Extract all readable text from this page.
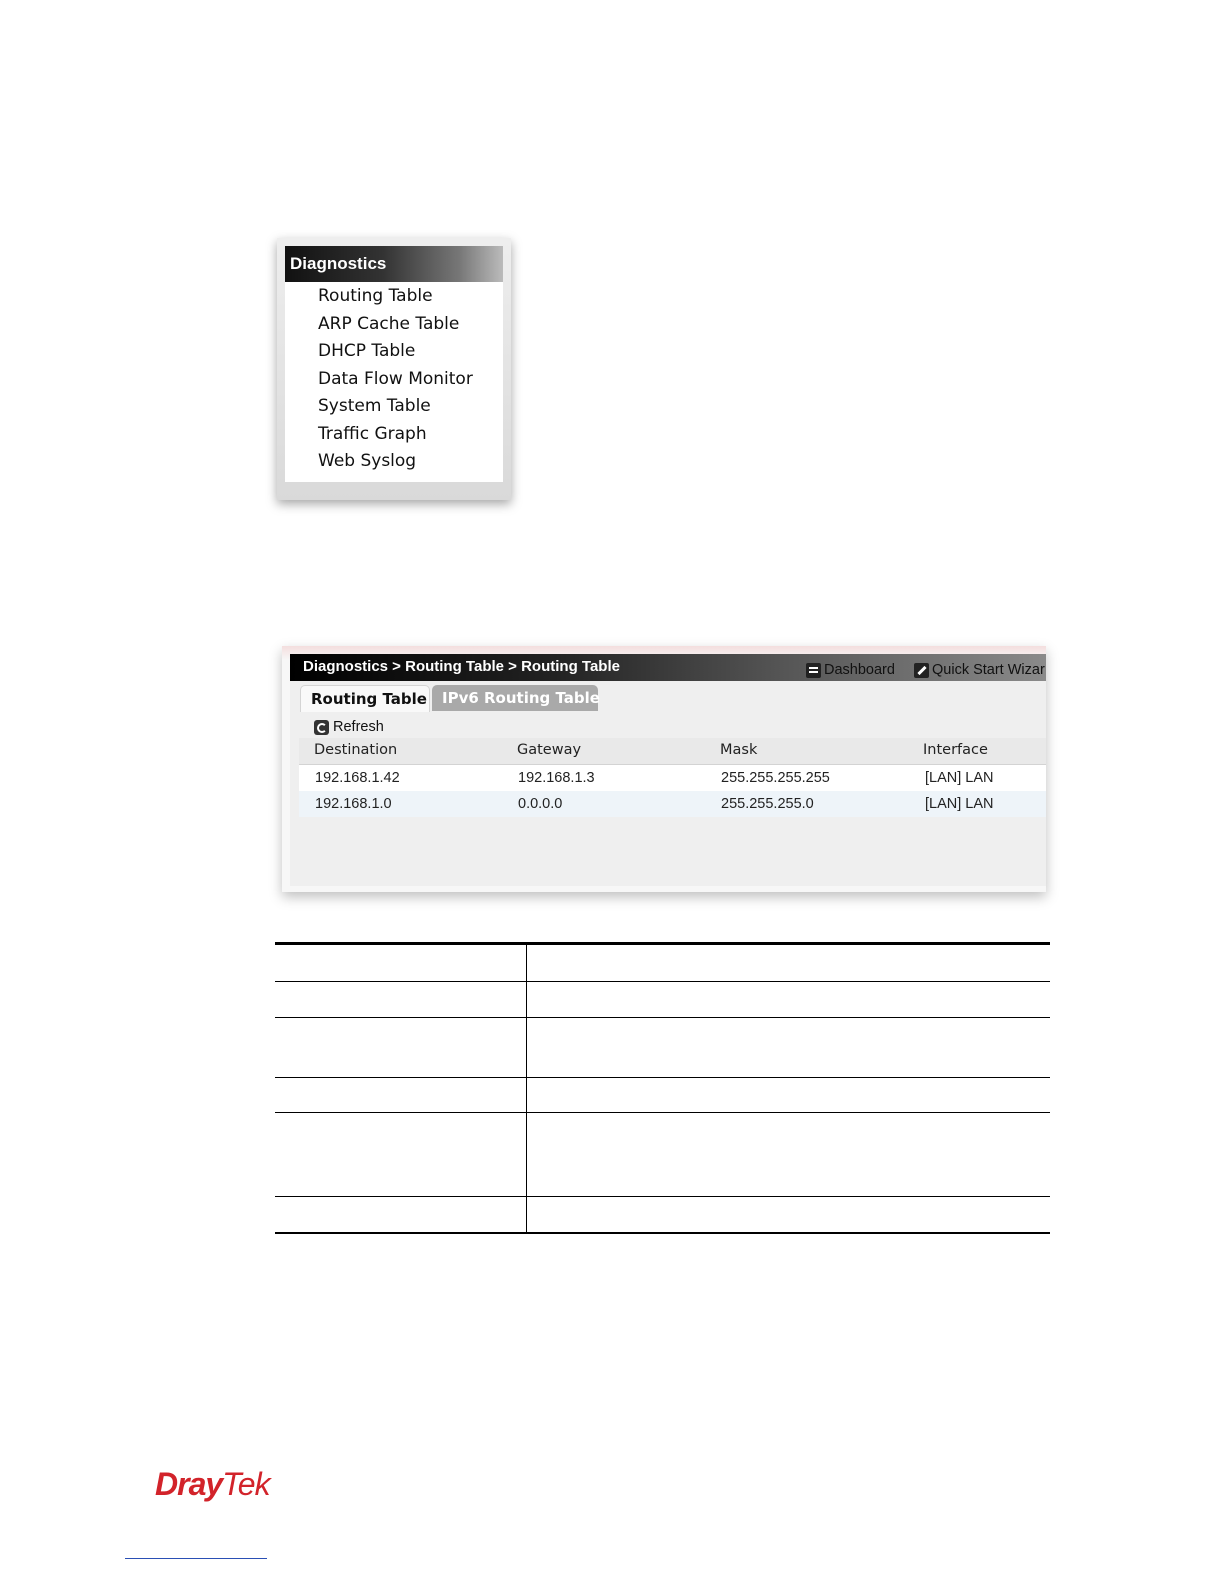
Diagnostics
Routing Table
ARP Cache Table
DHCP Table
Data Flow Monitor
System Table
Traffic Graph
Web Syslog
Diagnostics > Routing Table > Routing Table	Dashboard	Quick Start Wizar
Routing Table	IPv6 Routing Table
Refresh
Destination	Gateway	Mask	Interface
192.168.1.42	192.168.1.3	255.255.255.255	[LAN] LAN
192.168.1.0	0.0.0.0	255.255.255.0	[LAN] LAN

DrayTek
